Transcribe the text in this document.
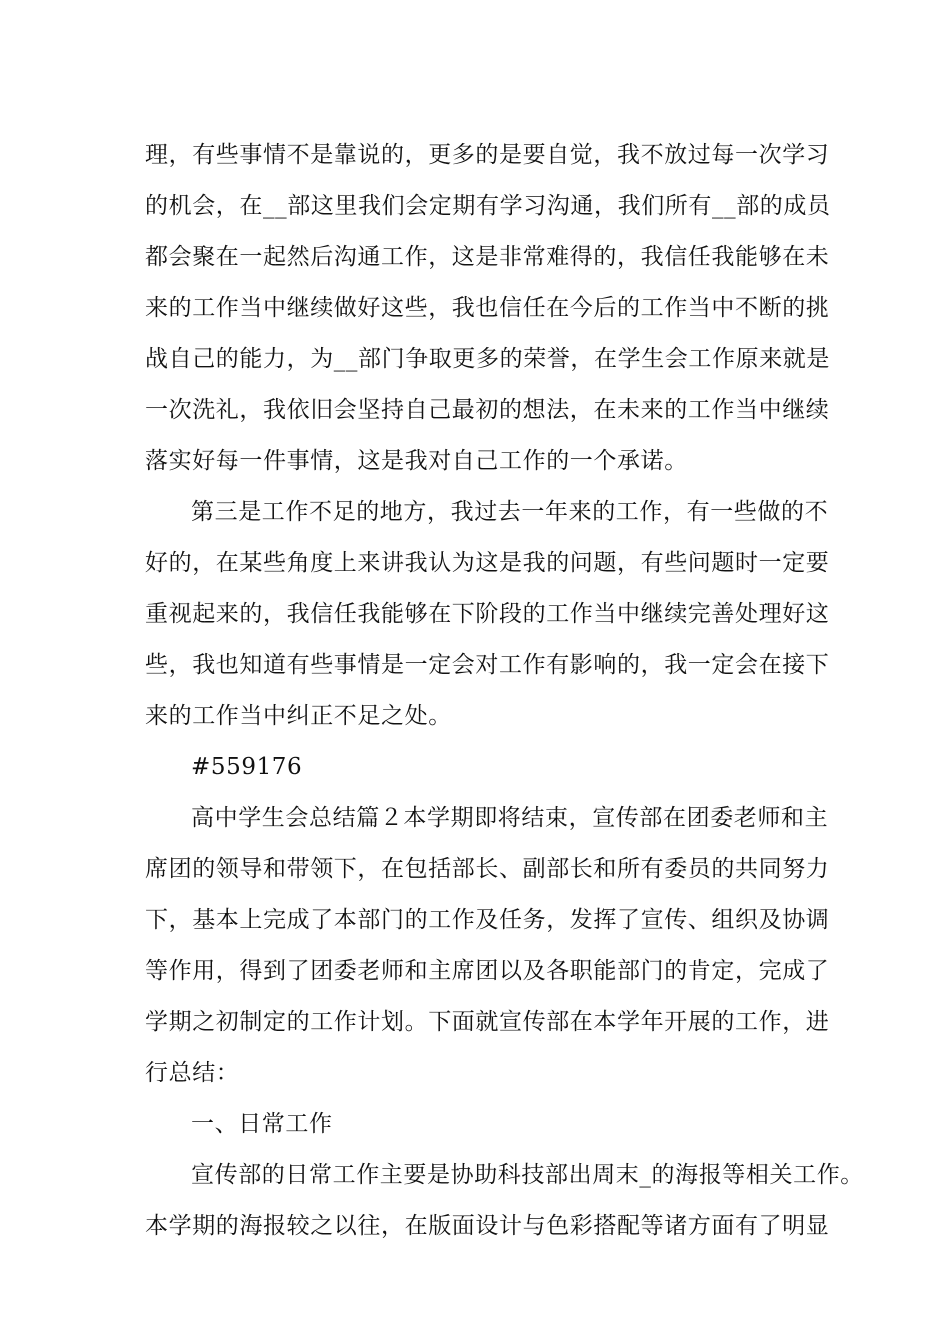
理，有些事情不是靠说的，更多的是要自觉，我不放过每一次学习
的机会，在__部这里我们会定期有学习沟通，我们所有__部的成员
都会聚在一起然后沟通工作，这是非常难得的，我信任我能够在未
来的工作当中继续做好这些，我也信任在今后的工作当中不断的挑
战自己的能力，为__部门争取更多的荣誉，在学生会工作原来就是
一次洗礼，我依旧会坚持自己最初的想法，在未来的工作当中继续
落实好每一件事情，这是我对自己工作的一个承诺。
第三是工作不足的地方，我过去一年来的工作，有一些做的不
好的，在某些角度上来讲我认为这是我的问题，有些问题时一定要
重视起来的，我信任我能够在下阶段的工作当中继续完善处理好这
些，我也知道有些事情是一定会对工作有影响的，我一定会在接下
来的工作当中纠正不足之处。
#559176
高中学生会总结篇２本学期即将结束，宣传部在团委老师和主
席团的领导和带领下，在包括部长、副部长和所有委员的共同努力
下，基本上完成了本部门的工作及任务，发挥了宣传、组织及协调
等作用，得到了团委老师和主席团以及各职能部门的肯定，完成了
学期之初制定的工作计划。下面就宣传部在本学年开展的工作，进
行总结：
一、日常工作
宣传部的日常工作主要是协助科技部出周末_的海报等相关工作。
本学期的海报较之以往，在版面设计与色彩搭配等诸方面有了明显
